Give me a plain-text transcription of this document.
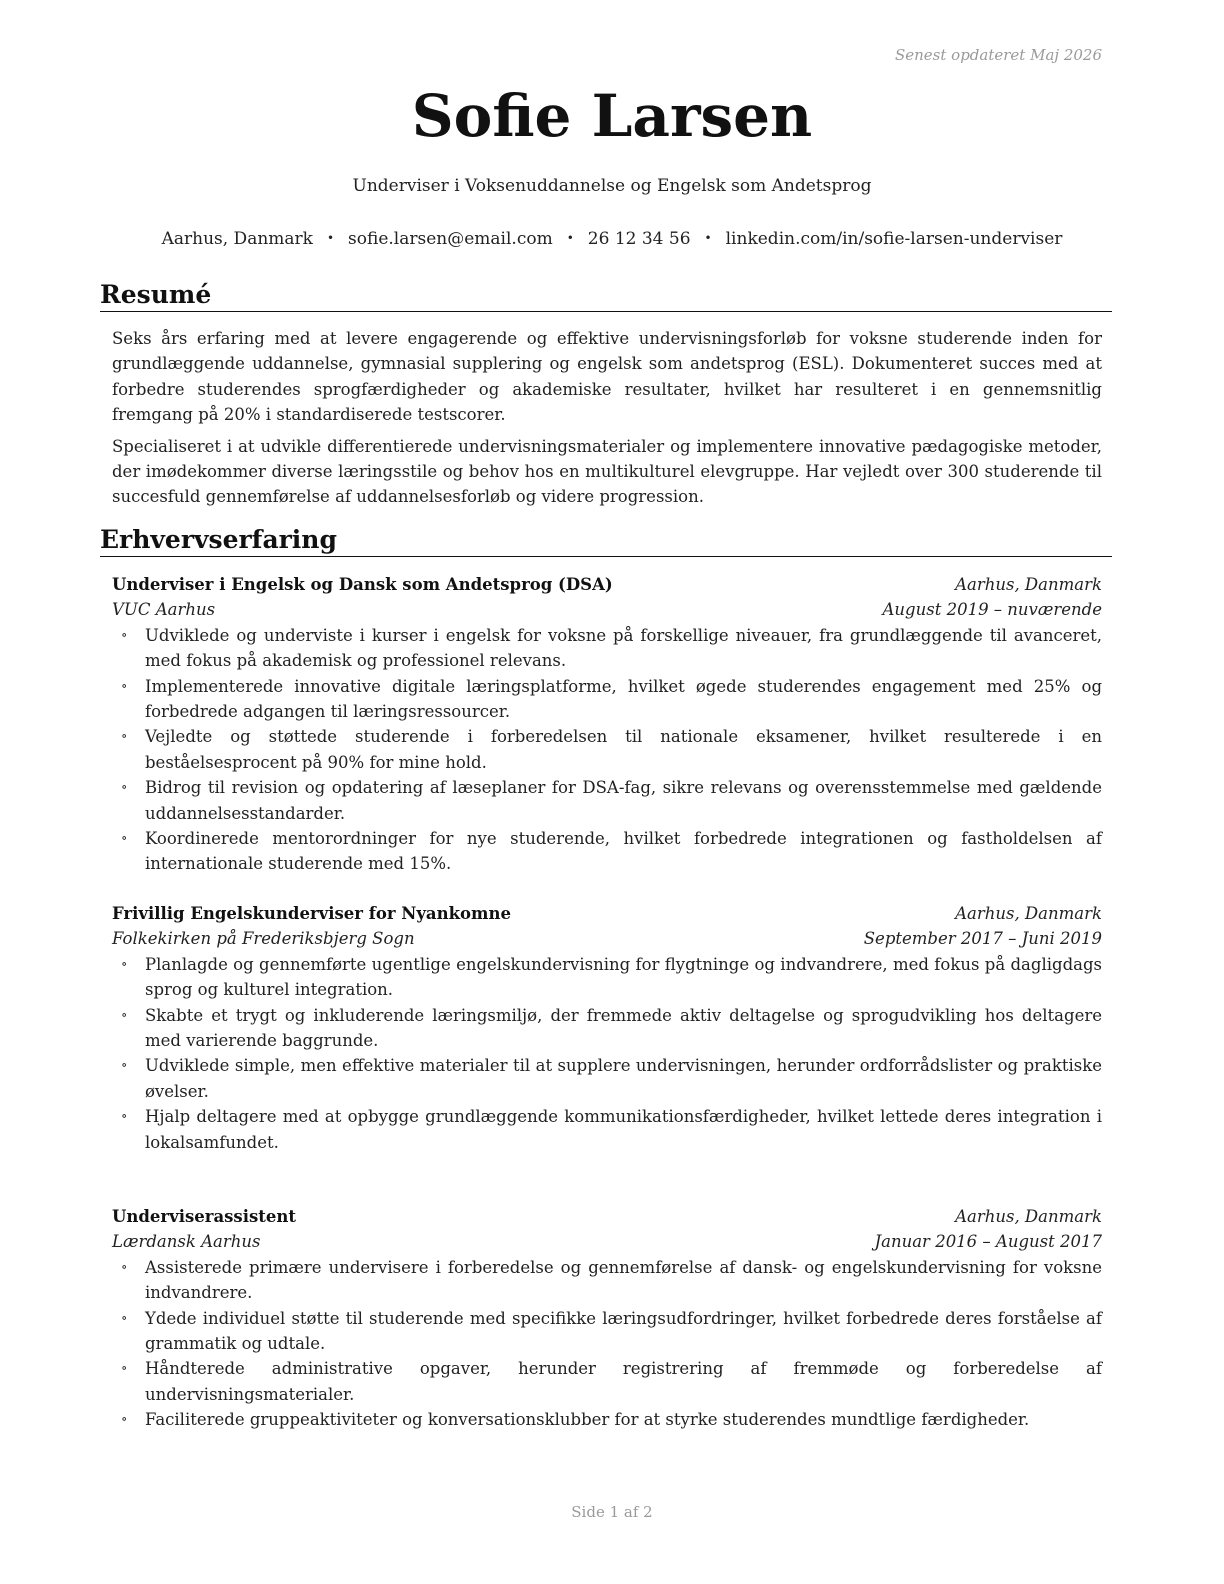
Senest opdateret Maj 2026
Sofie Larsen
Underviser i Voksenuddannelse og Engelsk som Andetsprog
Aarhus, Danmark • sofie.larsen@email.com • 26 12 34 56 • linkedin.com/in/sofie-larsen-underviser
Resumé

Seks års erfaring med at levere engagerende og effektive undervisningsforløb for voksne studerende inden for grundlæggende uddannelse, gymnasial supplering og engelsk som andetsprog (ESL). Dokumenteret succes med at forbedre studerendes sprogfærdigheder og akademiske resultater, hvilket har resulteret i en gennemsnitlig fremgang på 20% i standardiserede testscorer.

Specialiseret i at udvikle differentierede undervisningsmaterialer og implementere innovative pædagogiske metoder, der imødekommer diverse læringsstile og behov hos en multikulturel elevgruppe. Har vejledt over 300 studerende til succesfuld gennemførelse af uddannelsesforløb og videre progression.

Erhvervserfaring
Underviser i Engelsk og Dansk som Andetsprog (DSA)	Aarhus, Danmark
VUC Aarhus	August 2019 – nuværende
∘ Udviklede og underviste i kurser i engelsk for voksne på forskellige niveauer, fra grundlæggende til avanceret, med fokus på akademisk og professionel relevans.
∘ Implementerede innovative digitale læringsplatforme, hvilket øgede studerendes engagement med 25% og forbedrede adgangen til læringsressourcer.
∘ Vejledte og støttede studerende i forberedelsen til nationale eksamener, hvilket resulterede i en beståelsesprocent på 90% for mine hold.
∘ Bidrog til revision og opdatering af læseplaner for DSA-fag, sikre relevans og overensstemmelse med gældende uddannelsesstandarder.
∘ Koordinerede mentorordninger for nye studerende, hvilket forbedrede integrationen og fastholdelsen af internationale studerende med 15%.
Frivillig Engelskunderviser for Nyankomne	Aarhus, Danmark
Folkekirken på Frederiksbjerg Sogn	September 2017 – Juni 2019
∘ Planlagde og gennemførte ugentlige engelskundervisning for flygtninge og indvandrere, med fokus på dagligdags sprog og kulturel integration.
∘ Skabte et trygt og inkluderende læringsmiljø, der fremmede aktiv deltagelse og sprogudvikling hos deltagere med varierende baggrunde.
∘ Udviklede simple, men effektive materialer til at supplere undervisningen, herunder ordforrådslister og praktiske øvelser.
∘ Hjalp deltagere med at opbygge grundlæggende kommunikationsfærdigheder, hvilket lettede deres integration i lokalsamfundet.
Underviserassistent	Aarhus, Danmark
Lærdansk Aarhus	Januar 2016 – August 2017
∘ Assisterede primære undervisere i forberedelse og gennemførelse af dansk- og engelskundervisning for voksne indvandrere.
∘ Ydede individuel støtte til studerende med specifikke læringsudfordringer, hvilket forbedrede deres forståelse af grammatik og udtale.
∘ Håndterede administrative opgaver, herunder registrering af fremmøde og forberedelse af undervisningsmaterialer.
∘ Faciliterede gruppeaktiviteter og konversationsklubber for at styrke studerendes mundtlige færdigheder.
Side 1 af 2
